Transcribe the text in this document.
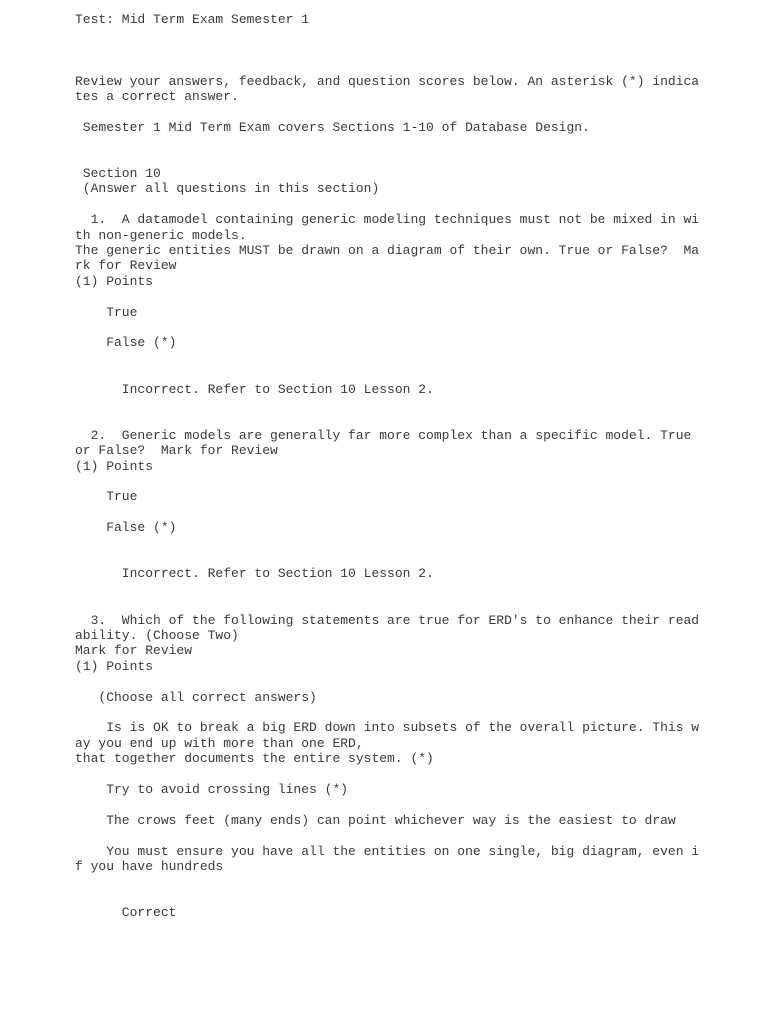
Test: Mid Term Exam Semester 1
Review your answers, feedback, and question scores below. An asterisk (*) indica
tes a correct answer.
Semester 1 Mid Term Exam covers Sections 1-10 of Database Design.
Section 10
(Answer all questions in this section)
1.  A datamodel containing generic modeling techniques must not be mixed in wi
th non-generic models.
The generic entities MUST be drawn on a diagram of their own. True or False?  Ma
rk for Review
(1) Points
True
False (*)
Incorrect. Refer to Section 10 Lesson 2.
2.  Generic models are generally far more complex than a specific model. True
or False?  Mark for Review
(1) Points
True
False (*)
Incorrect. Refer to Section 10 Lesson 2.
3.  Which of the following statements are true for ERD's to enhance their read
ability. (Choose Two)
Mark for Review
(1) Points
(Choose all correct answers)
Is is OK to break a big ERD down into subsets of the overall picture. This w
ay you end up with more than one ERD,
that together documents the entire system. (*)
Try to avoid crossing lines (*)
The crows feet (many ends) can point whichever way is the easiest to draw
You must ensure you have all the entities on one single, big diagram, even i
f you have hundreds
Correct
